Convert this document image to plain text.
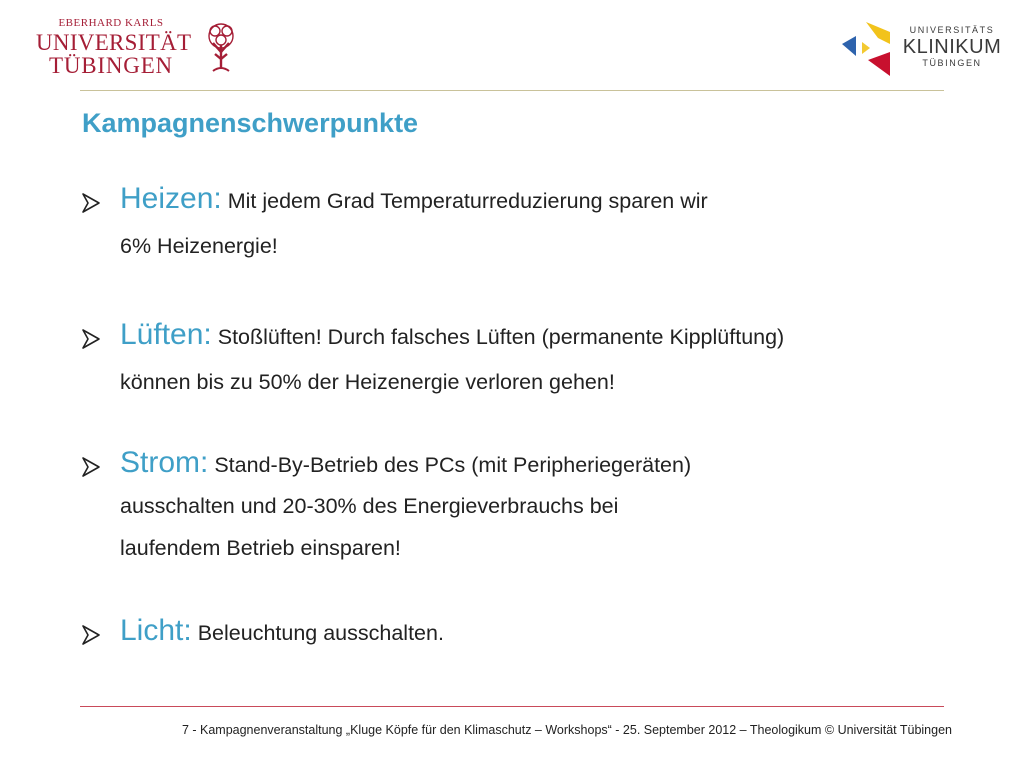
EBERHARD KARLS
UNIVERSITÄT
TÜBINGEN
UNIVERSITÄTS
KLINIKUM
TÜBINGEN
Kampagnenschwerpunkte
Heizen: Mit jedem Grad Temperaturreduzierung sparen wir
6% Heizenergie!
Lüften: Stoßlüften! Durch falsches Lüften (permanente Kipplüftung)
können bis zu 50% der Heizenergie verloren gehen!
Strom: Stand-By-Betrieb des PCs (mit Peripheriegeräten)
ausschalten und 20-30% des Energieverbrauchs bei
laufendem Betrieb einsparen!
Licht: Beleuchtung ausschalten.
7 - Kampagnenveranstaltung „Kluge Köpfe für den Klimaschutz – Workshops“ - 25. September 2012 – Theologikum © Universität Tübingen
